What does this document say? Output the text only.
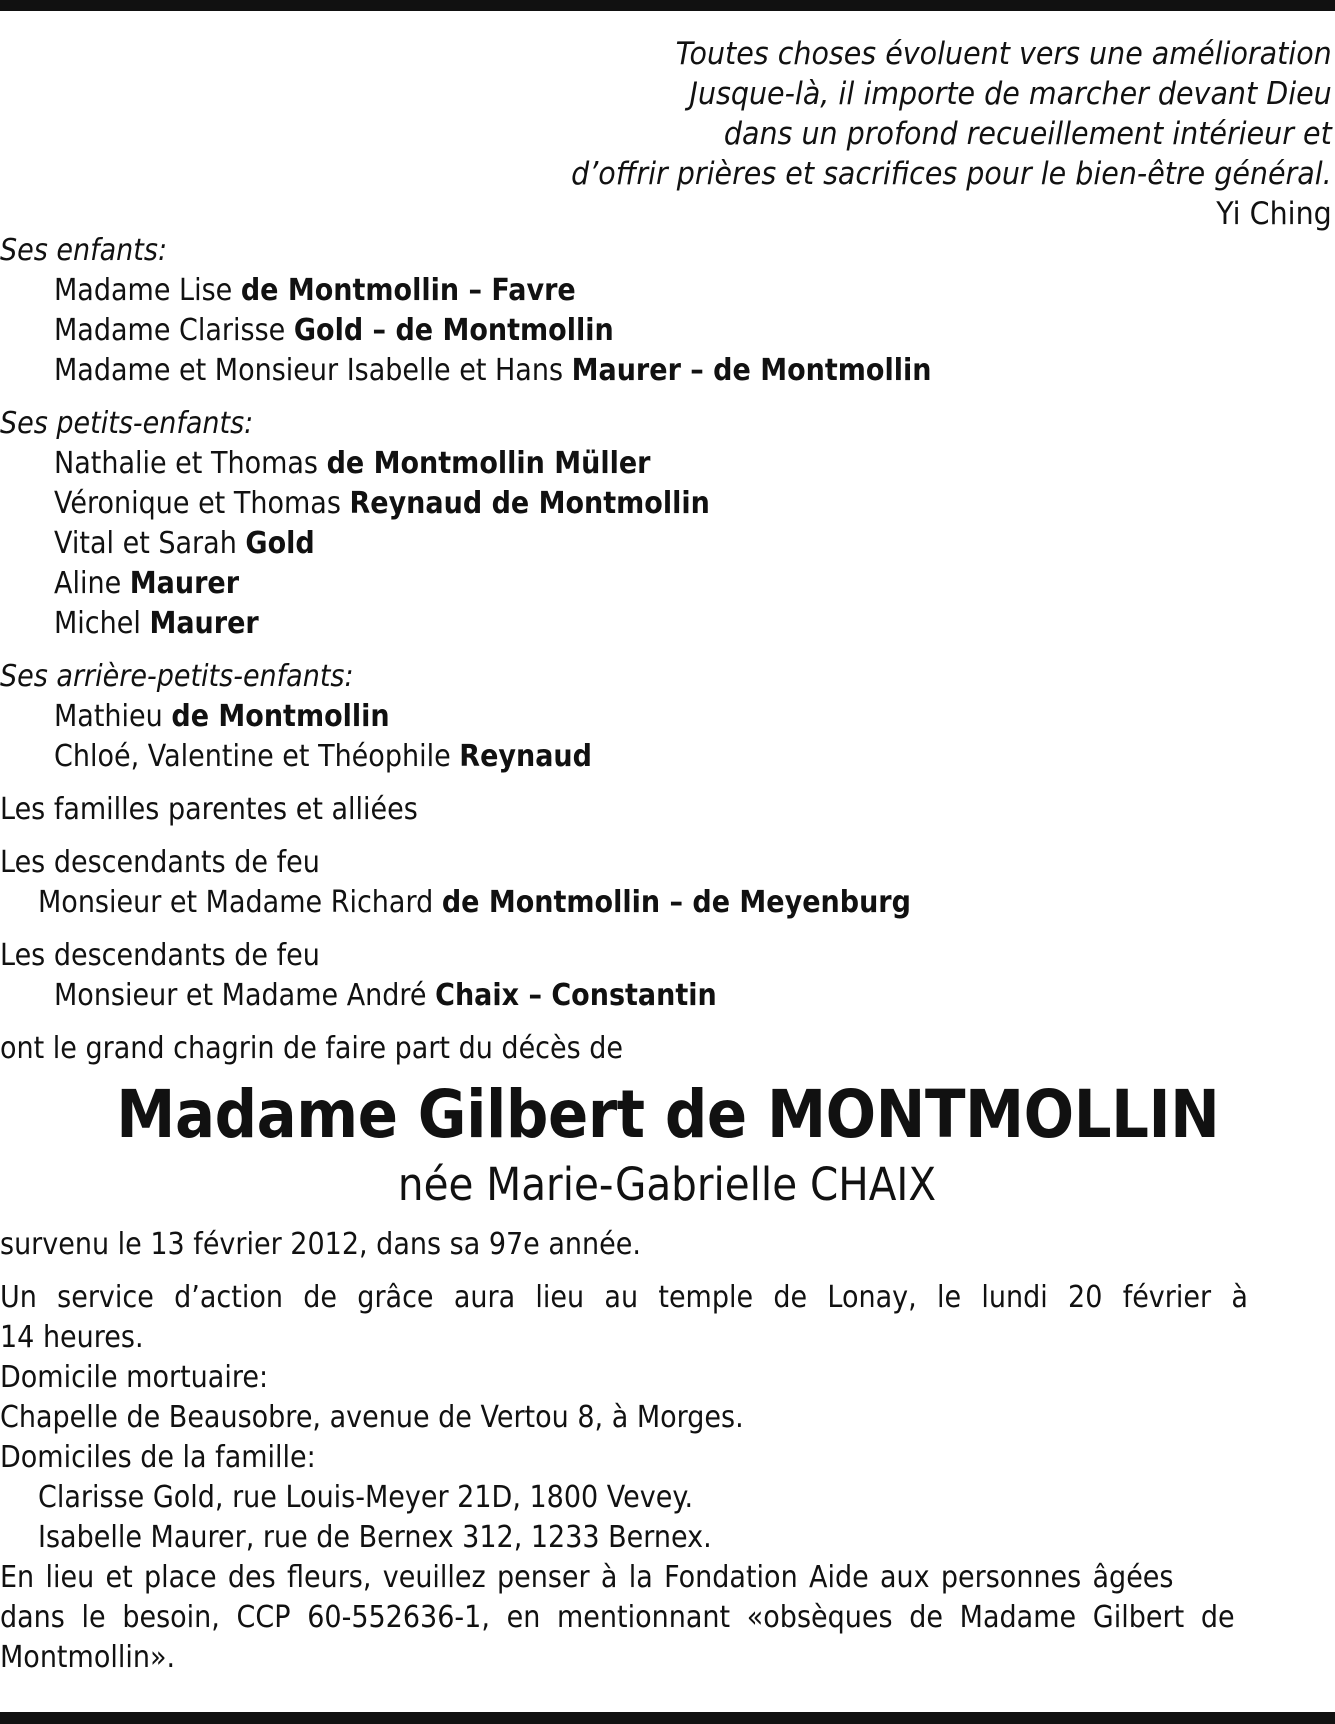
Toutes choses évoluent vers une amélioration
Jusque-là, il importe de marcher devant Dieu
dans un profond recueillement intérieur et
d’offrir prières et sacrifices pour le bien-être général.
Yi Ching

Ses enfants:

Madame Lise de Montmollin – Favre

Madame Clarisse Gold – de Montmollin

Madame et Monsieur Isabelle et Hans Maurer – de Montmollin

Ses petits-enfants:

Nathalie et Thomas de Montmollin Müller

Véronique et Thomas Reynaud de Montmollin

Vital et Sarah Gold

Aline Maurer

Michel Maurer

Ses arrière-petits-enfants:

Mathieu de Montmollin

Chloé, Valentine et Théophile Reynaud

Les familles parentes et alliées

Les descendants de feu

Monsieur et Madame Richard de Montmollin – de Meyenburg

Les descendants de feu

Monsieur et Madame André Chaix – Constantin

ont le grand chagrin de faire part du décès de

Madame Gilbert de MONTMOLLIN

née Marie-Gabrielle CHAIX

survenu le 13 février 2012, dans sa 97e année.

Un service d’action de grâce aura lieu au temple de Lonay, le lundi 20 février à

14 heures.

Domicile mortuaire:

Chapelle de Beausobre, avenue de Vertou 8, à Morges.

Domiciles de la famille:

Clarisse Gold, rue Louis-Meyer 21D, 1800 Vevey.

Isabelle Maurer, rue de Bernex 312, 1233 Bernex.

En lieu et place des fleurs, veuillez penser à la Fondation Aide aux personnes âgées

dans le besoin, CCP 60-552636-1, en mentionnant «obsèques de Madame Gilbert de

Montmollin».
